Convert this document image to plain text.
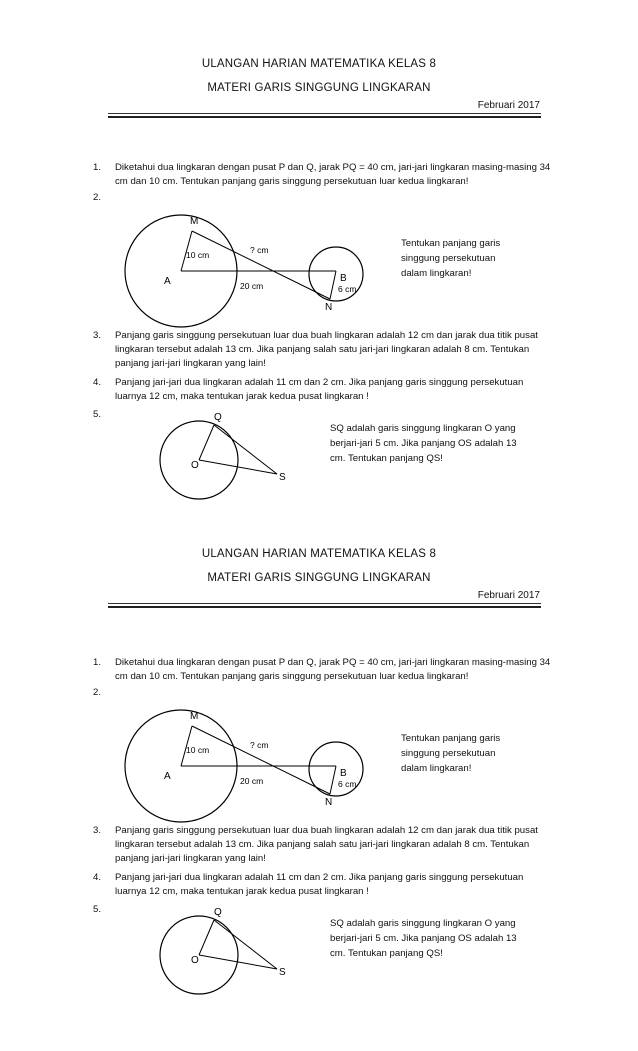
ULANGAN HARIAN MATEMATIKA KELAS 8
MATERI GARIS SINGGUNG LINGKARAN
Februari 2017
1. Diketahui dua lingkaran dengan pusat P dan Q, jarak PQ = 40 cm, jari-jari lingkaran masing-masing 34 cm dan 10 cm. Tentukan panjang garis singgung persekutuan luar kedua lingkaran!
2.
M
A	B
N
10 cm	? cm
20 cm	6 cm
Tentukan panjang garis singgung persekutuan dalam lingkaran!
3. Panjang garis singgung persekutuan luar dua buah lingkaran adalah 12 cm dan jarak dua titik pusat lingkaran tersebut adalah 13 cm. Jika panjang salah satu jari-jari lingkaran adalah 8 cm. Tentukan panjang jari-jari lingkaran yang lain!
4. Panjang jari-jari dua lingkaran adalah 11 cm dan 2 cm. Jika panjang garis singgung persekutuan luarnya 12 cm, maka tentukan jarak kedua pusat lingkaran !
5.	Q
O
S
SQ adalah garis singgung lingkaran O yang berjari-jari 5 cm. Jika panjang OS adalah 13 cm. Tentukan panjang QS!
ULANGAN HARIAN MATEMATIKA KELAS 8
MATERI GARIS SINGGUNG LINGKARAN
Februari 2017
1. Diketahui dua lingkaran dengan pusat P dan Q, jarak PQ = 40 cm, jari-jari lingkaran masing-masing 34 cm dan 10 cm. Tentukan panjang garis singgung persekutuan luar kedua lingkaran!
2.
M
A	B
N
10 cm	? cm
20 cm	6 cm
Tentukan panjang garis singgung persekutuan dalam lingkaran!
3. Panjang garis singgung persekutuan luar dua buah lingkaran adalah 12 cm dan jarak dua titik pusat lingkaran tersebut adalah 13 cm. Jika panjang salah satu jari-jari lingkaran adalah 8 cm. Tentukan panjang jari-jari lingkaran yang lain!
4. Panjang jari-jari dua lingkaran adalah 11 cm dan 2 cm. Jika panjang garis singgung persekutuan luarnya 12 cm, maka tentukan jarak kedua pusat lingkaran !
5.	Q
O
S
SQ adalah garis singgung lingkaran O yang berjari-jari 5 cm. Jika panjang OS adalah 13 cm. Tentukan panjang QS!
